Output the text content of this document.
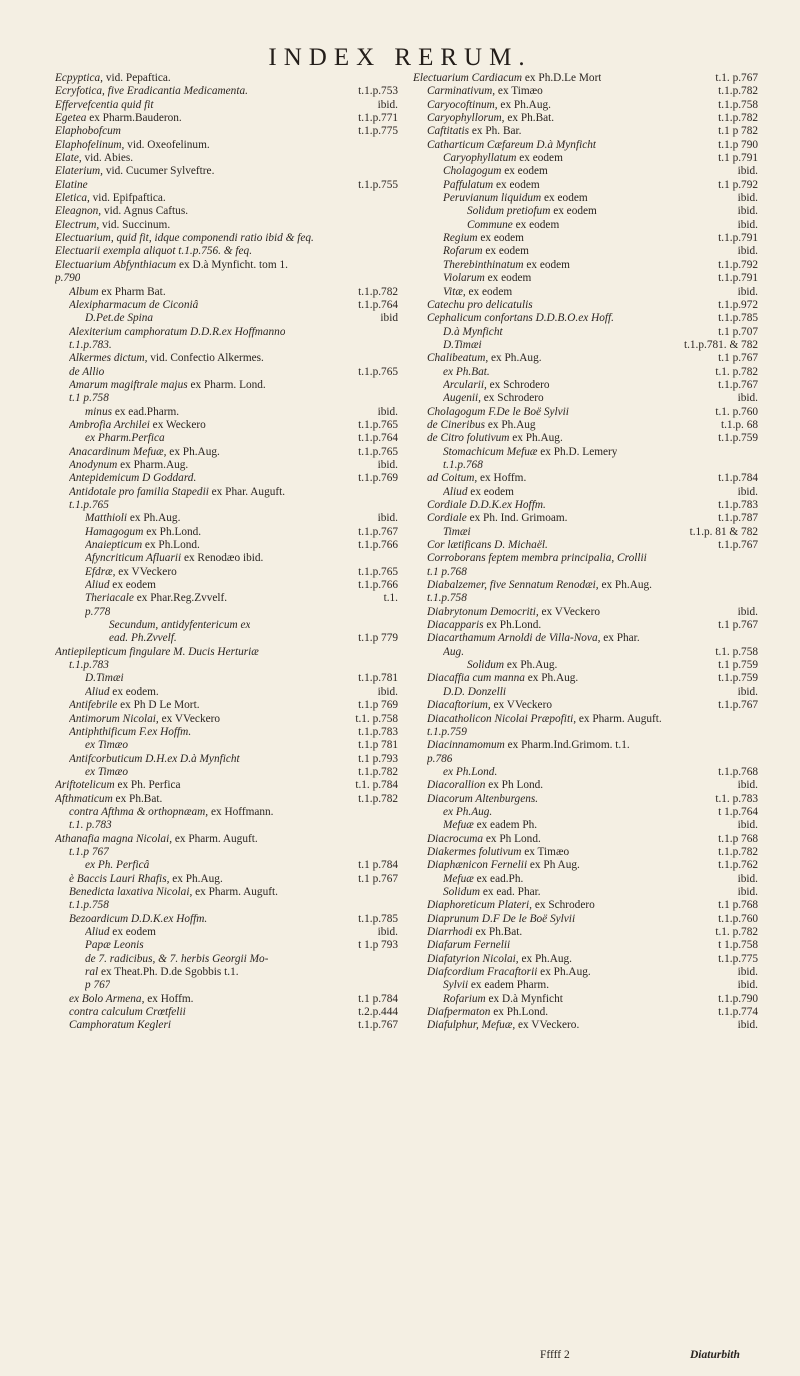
INDEX RERUM.
Ecpyptica, vid. Pepaftica.
Ecryfotica, five Eradicantia Medicamenta.	t.1.p.753
Effervefcentia quid fit	ibid.
Egetea ex Pharm.Bauderon.	t.1.p.771
Elaphobofcum	t.1.p.775
Elaphofelinum, vid. Oxeofelinum.
Elate, vid. Abies.
Elaterium, vid. Cucumer Sylveftre.
Elatine	t.1.p.755
Eletica, vid. Epifpaftica.
Eleagnon, vid. Agnus Caftus.
Electrum, vid. Succinum.
Electuarium, quid fit, idque componendi ratio ibid & feq.
Electuarii exempla aliquot t.1.p.756. & feq.
Electuarium Abfynthiacum ex D.à Mynficht. tom 1.
p.790
Album ex Pharm Bat.	t.1.p.782
Alexipharmacum de Ciconiâ	t.1.p.764
D.Pet.de Spina	ibid
Alexiterium camphoratum D.D.R.ex Hoffmanno
t.1.p.783.
Alkermes dictum, vid. Confectio Alkermes.
de Allio	t.1.p.765
Amarum magiftrale majus ex Pharm. Lond.
t.1 p.758
minus ex ead.Pharm.	ibid.
Ambrofia Archilei ex Weckero	t.1.p.765
ex Pharm.Perfica	t.1.p.764
Anacardinum Mefuæ, ex Ph.Aug.	t.1.p.765
Anodynum ex Pharm.Aug.	ibid.
Antepidemicum D Goddard.	t.1.p.769
Antidotale pro familia Stapedii ex Phar. Auguft.
t.1.p.765
Matthioli ex Ph.Aug.	ibid.
Hamagogum ex Ph.Lond.	t.1.p.767
Anaiepticum ex Ph.Lond.	t.1.p.766
Afyncriticum Afluarii ex Renodæo ibid.
Efdræ, ex VVeckero	t.1.p.765
Aliud ex eodem	t.1.p.766
Theriacale ex Phar.Reg.Zvvelf.	t.1.
p.778
Secundum, antidyfentericum ex
ead. Ph.Zvvelf.	t.1.p 779
Antiepilepticum fingulare M. Ducis Herturiæ
t.1.p.783
D.Timæi	t.1.p.781
Aliud ex eodem.	ibid.
Antifebrile ex Ph D Le Mort.	t.1.p 769
Antimorum Nicolai, ex VVeckero	t.1. p.758
Antiphthificum F.ex Hoffm.	t.1.p.783
ex Timæo	t.1.p 781
Antifcorbuticum D.H.ex D.à Mynficht	t.1 p.793
ex Timæo	t.1.p.782
Ariftotelicum ex Ph. Perfica	t.1. p.784
Afthmaticum ex Ph.Bat.	t.1.p.782
contra Afthma & orthopnæam, ex Hoffmann.
t.1. p.783
Athanafia magna Nicolai, ex Pharm. Auguft.
t.1.p 767
ex Ph. Perficâ	t.1 p.784
è Baccis Lauri Rhafis, ex Ph.Aug.	t.1 p.767
Benedicta laxativa Nicolai, ex Pharm. Auguft.
t.1.p.758
Bezoardicum D.D.K.ex Hoffm.	t.1.p.785
Aliud ex eodem	ibid.
Papæ Leonis	t 1.p 793
de 7. radicibus, & 7. herbis Georgii Mo-
ral ex Theat.Ph. D.de Sgobbis t.1.
p 767
ex Bolo Armena, ex Hoffm.	t.1 p.784
contra calculum Crœtfelii	t.2.p.444
Camphoratum Kegleri	t.1.p.767
Electuarium Cardiacum ex Ph.D.Le Mort	t.1. p.767
Carminativum, ex Timæo	t.1.p.782
Caryocoftinum, ex Ph.Aug.	t.1.p.758
Caryophyllorum, ex Ph.Bat.	t.1.p.782
Caftitatis ex Ph. Bar.	t.1 p 782
Catharticum Cæfareum D.à Mynficht	t.1.p 790
Caryophyllatum ex eodem	t.1 p.791
Cholagogum ex eodem	ibid.
Paffulatum ex eodem	t.1 p.792
Peruvianum liquidum ex eodem	ibid.
Solidum pretiofum ex eodem	ibid.
Commune ex eodem	ibid.
Regium ex eodem	t.1.p.791
Rofarum ex eodem	ibid.
Therebinthinatum ex eodem	t.1.p.792
Violarum ex eodem	t.1.p.791
Vitæ, ex eodem	ibid.
Catechu pro delicatulis	t.1.p.972
Cephalicum confortans D.D.B.O.ex Hoff.	t.1.p.785
D.à Mynficht	t.1 p.707
D.Timæi	t.1.p.781. & 782
Chalibeatum, ex Ph.Aug.	t.1 p.767
ex Ph.Bat.	t.1. p.782
Arcularii, ex Schrodero	t.1.p.767
Augenii, ex Schrodero	ibid.
Cholagogum F.De le Boë Sylvii	t.1. p.760
de Cineribus ex Ph.Aug	t.1.p. 68
de Citro folutivum ex Ph.Aug.	t.1.p.759
Stomachicum Mefuæ ex Ph.D. Lemery
t.1.p.768
ad Coitum, ex Hoffm.	t.1.p.784
Aliud ex eodem	ibid.
Cordiale D.D.K.ex Hoffm.	t.1.p.783
Cordiale ex Ph. Ind. Grimoam.	t.1.p.787
Timæi	t.1.p. 81 & 782
Cor lætificans D. Michaël.	t.1.p.767
Corroborans feptem membra principalia, Crollii
t.1 p.768
Diabalzemer, five Sennatum Renodæi, ex Ph.Aug.
t.1.p.758
Diabrytonum Democriti, ex VVeckero	ibid.
Diacapparis ex Ph.Lond.	t.1 p.767
Diacarthamum Arnoldi de Villa-Nova, ex Phar.
Aug.	t.1. p.758
Solidum ex Ph.Aug.	t.1 p.759
Diacaffia cum manna ex Ph.Aug.	t.1.p.759
D.D. Donzelli	ibid.
Diacaftorium, ex VVeckero	t.1.p.767
Diacatholicon Nicolai Præpofiti, ex Pharm. Auguft.
t.1.p.759
Diacinnamomum ex Pharm.Ind.Grimom. t.1.
p.786
ex Ph.Lond.	t.1.p.768
Diacorallion ex Ph Lond.	ibid.
Diacorum Altenburgens.	t.1. p.783
ex Ph.Aug.	t 1.p.764
Mefuæ ex eadem Ph.	ibid.
Diacrocuma ex Ph Lond.	t.1.p 768
Diakermes folutivum ex Timæo	t.1.p.782
Diaphænicon Fernelii ex Ph Aug.	t.1.p.762
Mefuæ ex ead.Ph.	ibid.
Solidum ex ead. Phar.	ibid.
Diaphoreticum Plateri, ex Schrodero	t.1 p.768
Diaprunum D.F De le Boë Sylvii	t.1.p.760
Diarrhodi ex Ph.Bat.	t.1. p.782
Diafarum Fernelii	t 1.p.758
Diafatyrion Nicolai, ex Ph.Aug.	t.1.p.775
Diafcordium Fracaftorii ex Ph.Aug.	ibid.
Sylvii ex eadem Pharm.	ibid.
Rofarium ex D.à Mynficht	t.1.p.790
Diafpermaton ex Ph.Lond.	t.1.p.774
Diafulphur, Mefuæ, ex VVeckero.	ibid.
Fffff 2	Diaturbith
